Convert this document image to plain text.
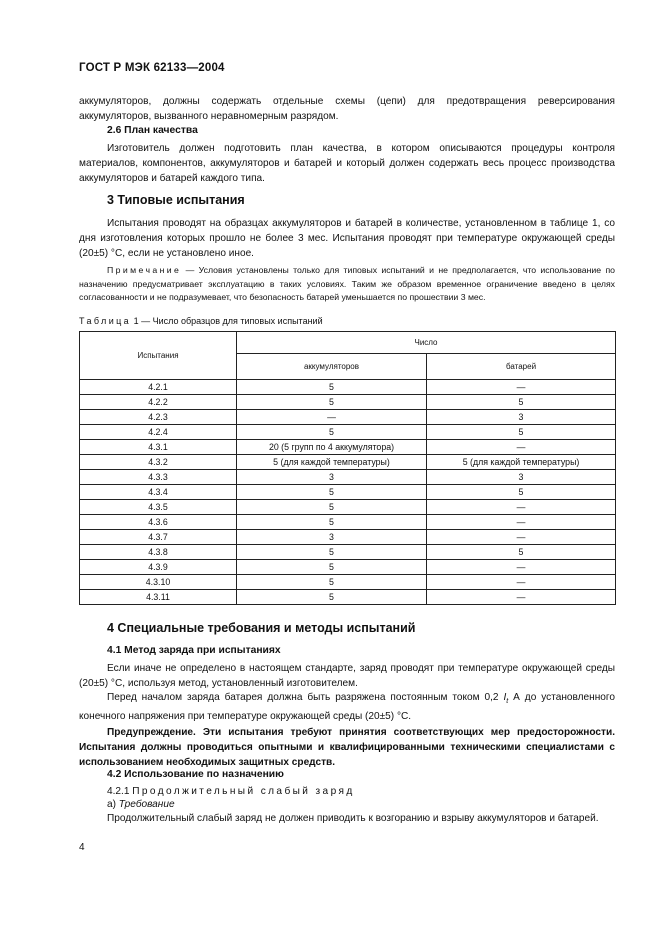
ГОСТ Р МЭК 62133—2004
аккумуляторов, должны содержать отдельные схемы (цепи) для предотвращения реверсирования аккумуляторов, вызванного неравномерным разрядом.
2.6 План качества
Изготовитель должен подготовить план качества, в котором описываются процедуры контроля материалов, компонентов, аккумуляторов и батарей и который должен содержать весь процесс производства аккумуляторов и батарей каждого типа.
3 Типовые испытания
Испытания проводят на образцах аккумуляторов и батарей в количестве, установленном в таблице 1, со дня изготовления которых прошло не более 3 мес. Испытания проводят при температуре окружающей среды (20±5) °С, если не установлено иное.
Примечание — Условия установлены только для типовых испытаний и не предполагается, что использование по назначению предусматривает эксплуатацию в таких условиях. Таким же образом временное ограничение введено в целях согласованности и не подразумевает, что безопасность батарей уменьшается по прошествии 3 мес.
Таблица 1 — Число образцов для типовых испытаний
Испытания	Число	
	аккумуляторов	батарей
4.2.1	5	—
4.2.2	5	5
4.2.3	—	3
4.2.4	5	5
4.3.1	20 (5 групп по 4 аккумулятора)	—
4.3.2	5 (для каждой температуры)	5 (для каждой температуры)
4.3.3	3	3
4.3.4	5	5
4.3.5	5	—
4.3.6	5	—
4.3.7	3	—
4.3.8	5	5
4.3.9	5	—
4.3.10	5	—
4.3.11	5	—
4 Специальные требования и методы испытаний
4.1 Метод заряда при испытаниях
Если иначе не определено в настоящем стандарте, заряд проводят при температуре окружающей среды (20±5) °С, используя метод, установленный изготовителем.
Перед началом заряда батарея должна быть разряжена постоянным током 0,2 $I_t$ А до установленного конечного напряжения при температуре окружающей среды (20±5) °С.
Предупреждение. Эти испытания требуют принятия соответствующих мер предосторожности. Испытания должны проводиться опытными и квалифицированными техническими специалистами с использованием необходимых защитных средств.
4.2 Использование по назначению
4.2.1 Продолжительный слабый заряд
а) Требование
Продолжительный слабый заряд не должен приводить к возгоранию и взрыву аккумуляторов и батарей.
4
